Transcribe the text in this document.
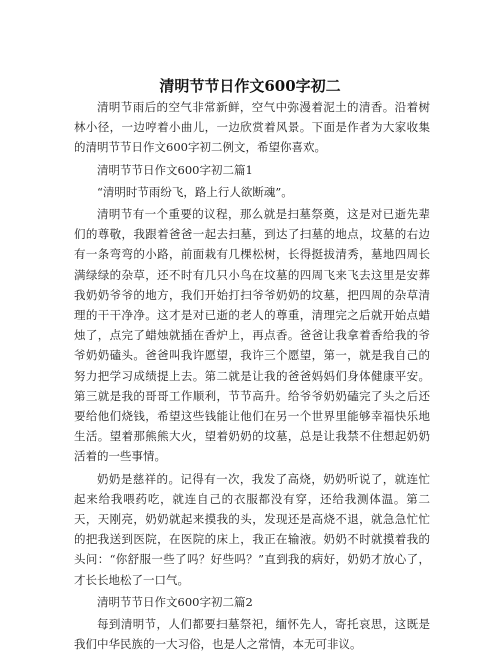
清明节节日作文600字初二

清明节雨后的空气非常新鲜，空气中弥漫着泥土的清香。沿着树林小径，一边哼着小曲儿，一边欣赏着风景。下面是作者为大家收集的清明节节日作文600字初二例文，希望你喜欢。

清明节节日作文600字初二篇1

“清明时节雨纷飞，路上行人欲断魂”。

清明节有一个重要的议程，那么就是扫墓祭奠，这是对已逝先辈们的尊敬，我跟着爸爸一起去扫墓，到达了扫墓的地点，坟墓的右边有一条弯弯的小路，前面栽有几棵松树，长得挺拔清秀，墓地四周长满绿绿的杂草，还不时有几只小鸟在坟墓的四周飞来飞去这里是安葬我奶奶爷爷的地方，我们开始打扫爷爷奶奶的坟墓，把四周的杂草清理的干干净净。这才是对已逝的老人的尊重，清理完之后就开始点蜡烛了，点完了蜡烛就插在香炉上，再点香。爸爸让我拿着香给我的爷爷奶奶磕头。爸爸叫我许愿望，我许三个愿望，第一，就是我自己的努力把学习成绩提上去。第二就是让我的爸爸妈妈们身体健康平安。第三就是我的哥哥工作顺利，节节高升。给爷爷奶奶磕完了头之后还要给他们烧钱，希望这些钱能让他们在另一个世界里能够幸福快乐地生活。望着那熊熊大火，望着奶奶的坟墓，总是让我禁不住想起奶奶活着的一些事情。

奶奶是慈祥的。记得有一次，我发了高烧，奶奶听说了，就连忙起来给我喂药吃，就连自己的衣服都没有穿，还给我测体温。第二天，天刚亮，奶奶就起来摸我的头，发现还是高烧不退，就急急忙忙的把我送到医院，在医院的床上，我正在输液。奶奶不时就摸着我的头问：“你舒服一些了吗？好些吗？”直到我的病好，奶奶才放心了，才长长地松了一口气。

清明节节日作文600字初二篇2

每到清明节，人们都要扫墓祭祀，缅怀先人，寄托哀思，这既是我们中华民族的一大习俗，也是人之常情，本无可非议。
